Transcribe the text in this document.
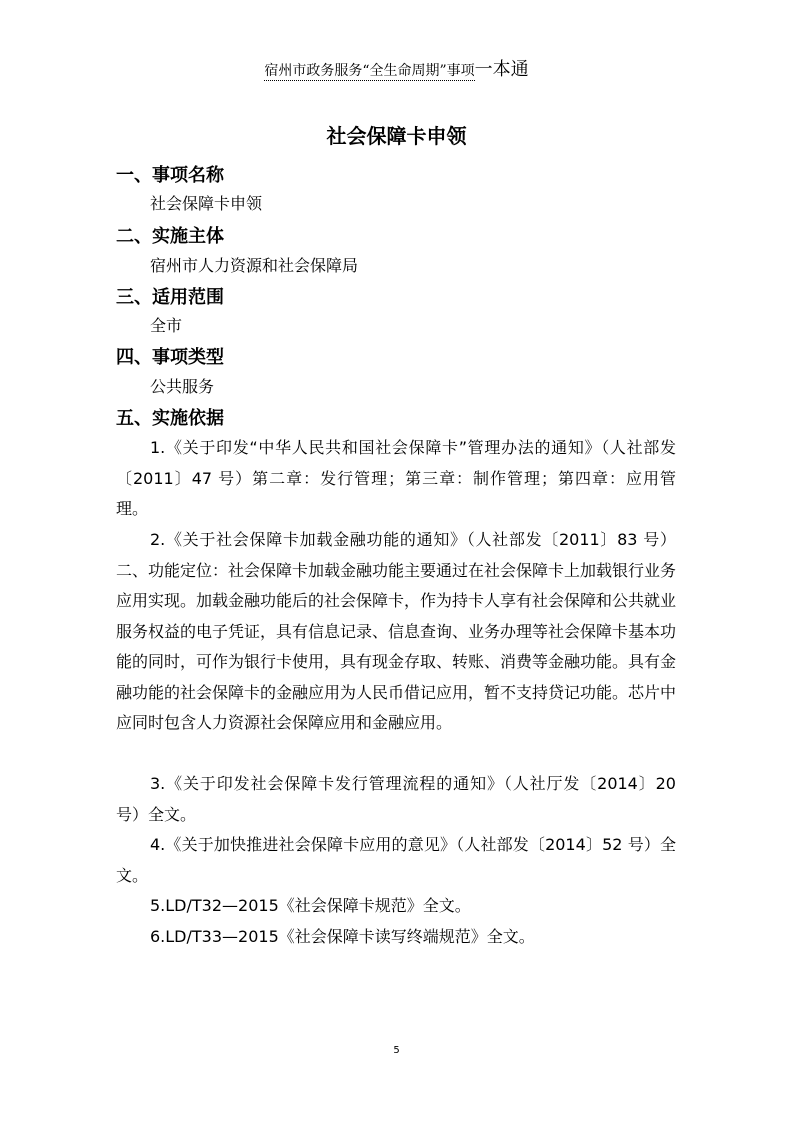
宿州市政务服务“全生命周期”事项一本通
社会保障卡申领
一、事项名称
社会保障卡申领
二、实施主体
宿州市人力资源和社会保障局
三、适用范围
全市
四、事项类型
公共服务
五、实施依据

1.《关于印发“中华人民共和国社会保障卡”管理办法的通知》（人社部发〔2011〕47 号）第二章：发行管理；第三章：制作管理；第四章：应用管理。

2.《关于社会保障卡加载金融功能的通知》（人社部发〔2011〕83 号）二、功能定位：社会保障卡加载金融功能主要通过在社会保障卡上加载银行业务应用实现。加载金融功能后的社会保障卡，作为持卡人享有社会保障和公共就业服务权益的电子凭证，具有信息记录、信息查询、业务办理等社会保障卡基本功能的同时，可作为银行卡使用，具有现金存取、转账、消费等金融功能。具有金融功能的社会保障卡的金融应用为人民币借记应用，暂不支持贷记功能。芯片中应同时包含人力资源社会保障应用和金融应用。

3.《关于印发社会保障卡发行管理流程的通知》（人社厅发〔2014〕20 号）全文。

4.《关于加快推进社会保障卡应用的意见》（人社部发〔2014〕52 号）全文。

5.LD/T32—2015《社会保障卡规范》全文。

6.LD/T33—2015《社会保障卡读写终端规范》全文。

5
